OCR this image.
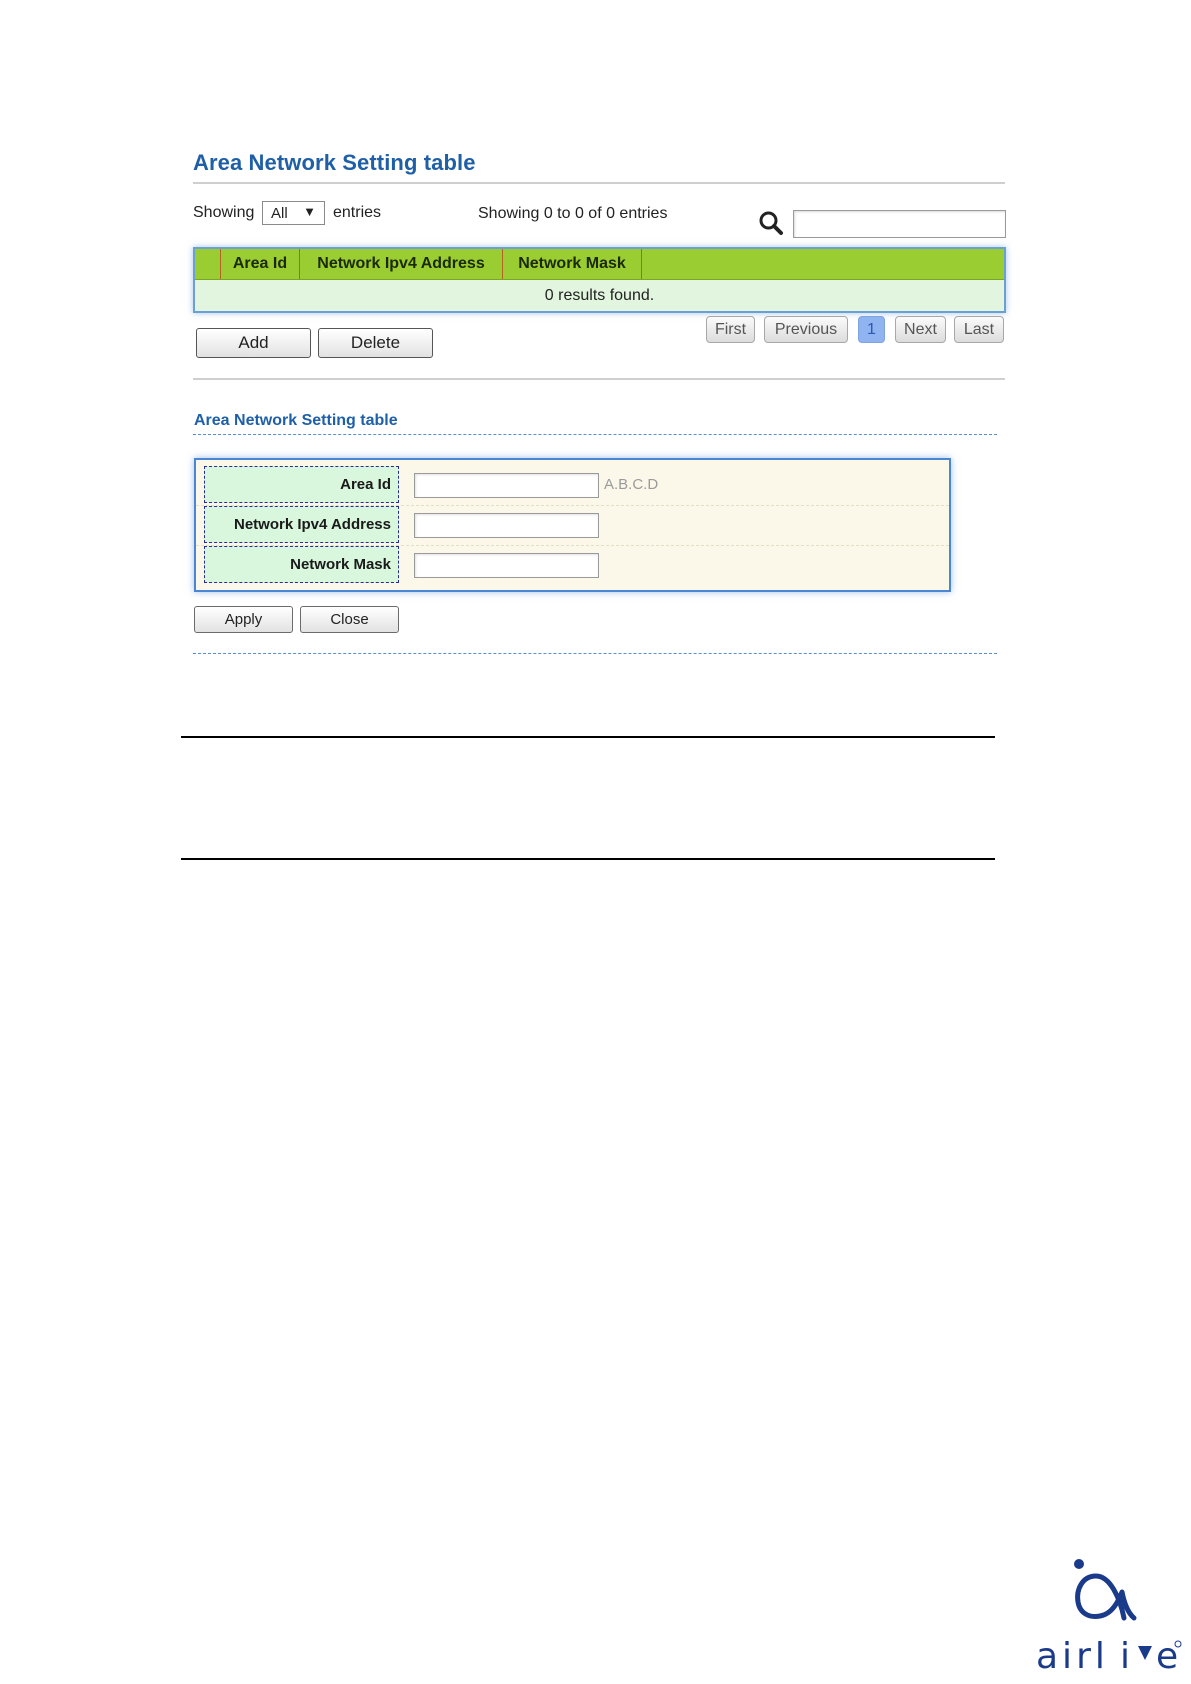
Area Network Setting table
Showing All ▼ entries	Showing 0 to 0 of 0 entries
Area Id	Network Ipv4 Address	Network Mask
0 results found.
Add	Delete
First	Previous	1	Next	Last
Area Network Setting table
Area Id	A.B.C.D
Network Ipv4 Address
Network Mask
Apply	Close
airl i e
